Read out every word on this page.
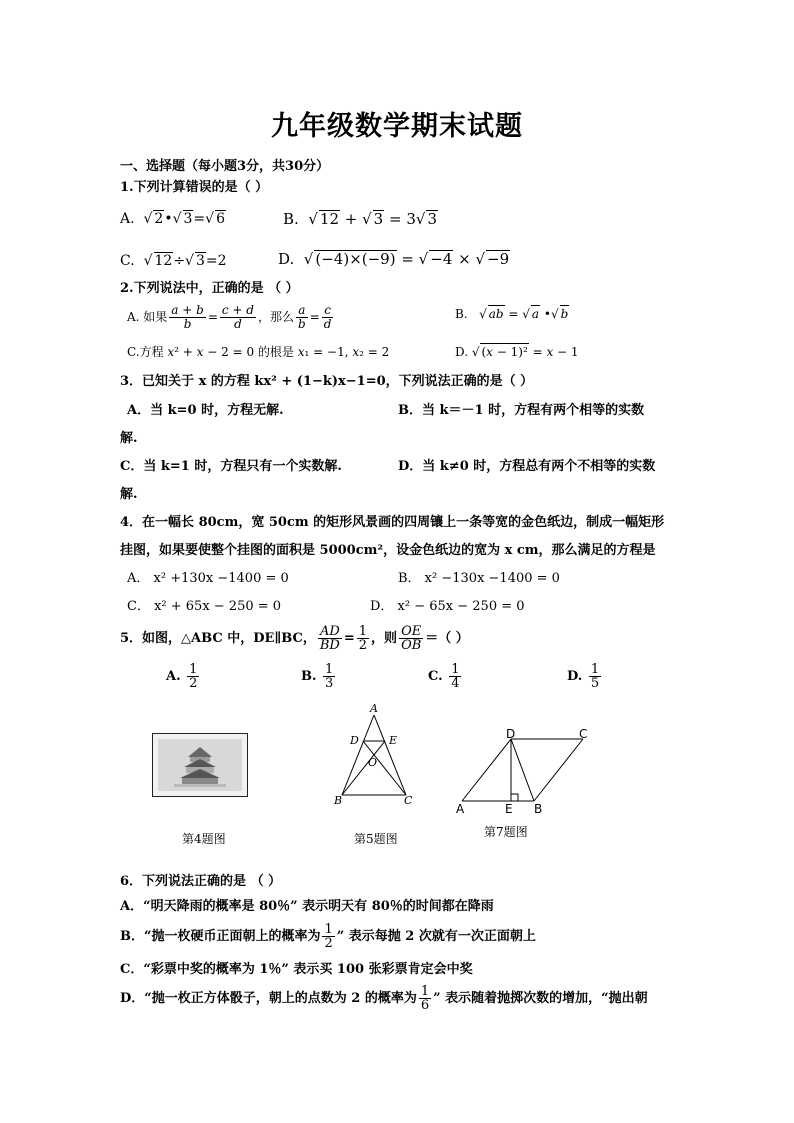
九年级数学期末试题
一、选择题（每小题3分，共30分）
1.下列计算错误的是（ ）
A.  √ 2•√ 3=√ 6	B.  √ 12 + √ 3 = 3√ 3
C.  √ 12÷√ 3=2	D.  √ (−4)×(−9) = √ −4 × √ −9
2.下列说法中，正确的是 （ ）
A. 如果 $\frac{a + b}{b} = \frac{c + d}{d}$ ，那么 $\frac{a}{b} = \frac{c}{d}$	B.   √ ab = √ a •√ b
C.方程 x² + x − 2 = 0 的根是 x₁ = −1, x₂ = 2	D. √ (x − 1)² = x − 1
3．已知关于 x 的方程 kx² + (1−k)x−1=0，下列说法正确的是（ ）
A．当 k=0 时，方程无解.	B．当 k＝－1 时，方程有两个相等的实数
解.
C．当 k=1 时，方程只有一个实数解.	D．当 k≠0 时，方程总有两个不相等的实数
解.
4．在一幅长 80cm，宽 50cm 的矩形风景画的四周镶上一条等宽的金色纸边，制成一幅矩形
挂图，如果要使整个挂图的面积是 5000cm²，设金色纸边的宽为 x cm，那么满足的方程是
A． x² +130x −1400 = 0	B． x² −130x −1400 = 0
C． x² + 65x − 250 = 0	D． x² − 65x − 250 = 0
5．如图，△ABC 中，DE∥BC， $\frac{AD}{BD} = \frac{1}{2}$ ，则 $\frac{OE}{OB}$ ＝（ ）
A. $\frac{1}{2}$	B. $\frac{1}{3}$	C. $\frac{1}{4}$	D. $\frac{1}{5}$
A
D	E
O
B	C
D	C
A	E B
第4题图	第5题图	第7题图
6．下列说法正确的是 （ ）
A．“明天降雨的概率是 80％” 表示明天有 80％的时间都在降雨
B．“抛一枚硬币正面朝上的概率为 $\frac{1}{2}$ ” 表示每抛 2 次就有一次正面朝上
C．“彩票中奖的概率为 1％” 表示买 100 张彩票肯定会中奖
D．“抛一枚正方体骰子，朝上的点数为 2 的概率为 $\frac{1}{6}$ ” 表示随着抛掷次数的增加，“抛出朝
